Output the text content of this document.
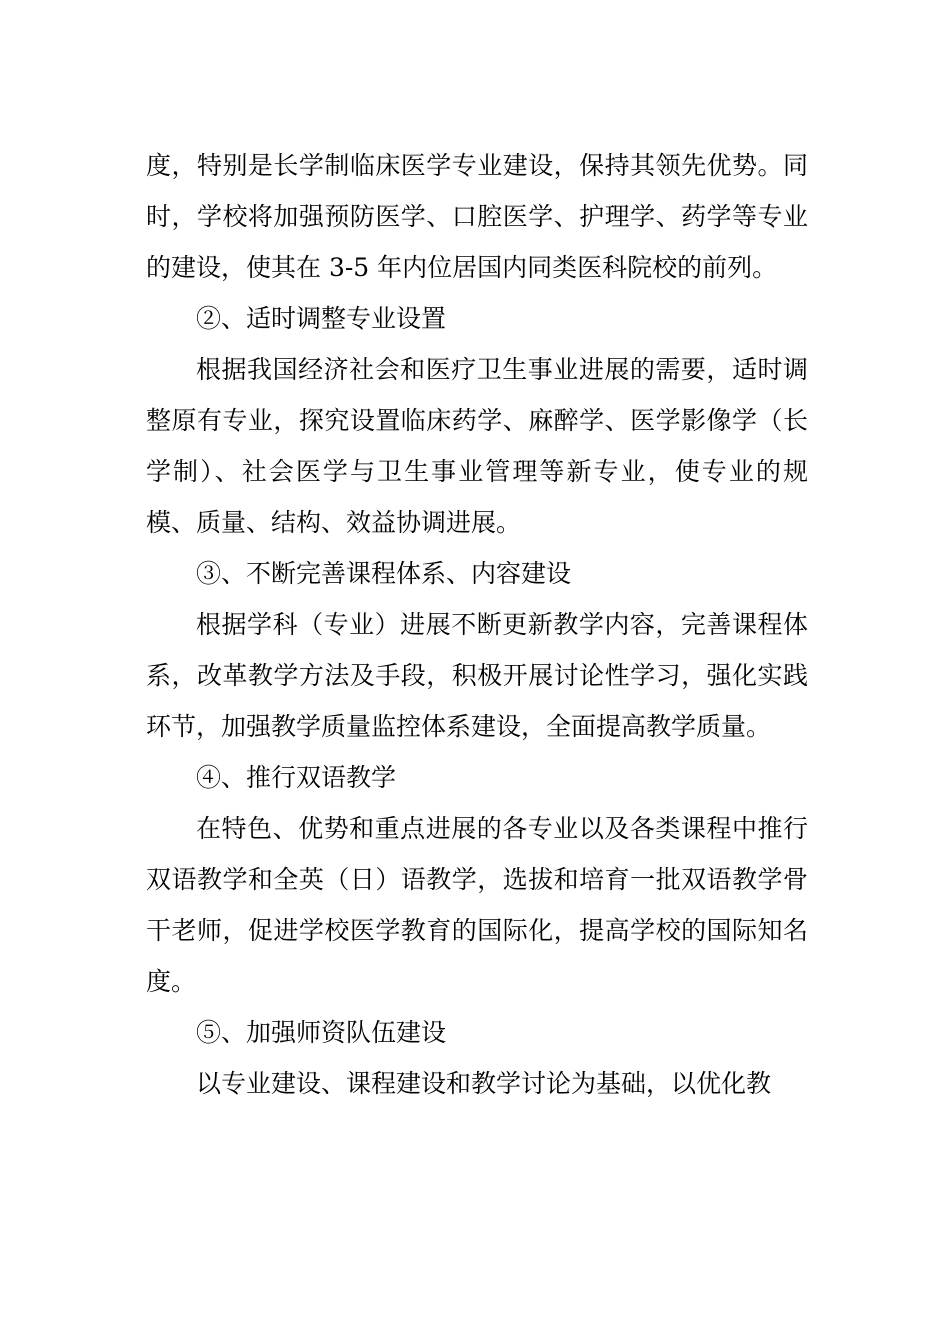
度，特别是长学制临床医学专业建设，保持其领先优势。同时，学校将加强预防医学、口腔医学、护理学、药学等专业的建设，使其在 3-5 年内位居国内同类医科院校的前列。

②、适时调整专业设置

根据我国经济社会和医疗卫生事业进展的需要，适时调整原有专业，探究设置临床药学、麻醉学、医学影像学（长学制）、社会医学与卫生事业管理等新专业，使专业的规模、质量、结构、效益协调进展。

③、不断完善课程体系、内容建设

根据学科（专业）进展不断更新教学内容，完善课程体系，改革教学方法及手段，积极开展讨论性学习，强化实践环节，加强教学质量监控体系建设，全面提高教学质量。

④、推行双语教学

在特色、优势和重点进展的各专业以及各类课程中推行双语教学和全英（日）语教学，选拔和培育一批双语教学骨干老师，促进学校医学教育的国际化，提高学校的国际知名度。

⑤、加强师资队伍建设

以专业建设、课程建设和教学讨论为基础，以优化教
